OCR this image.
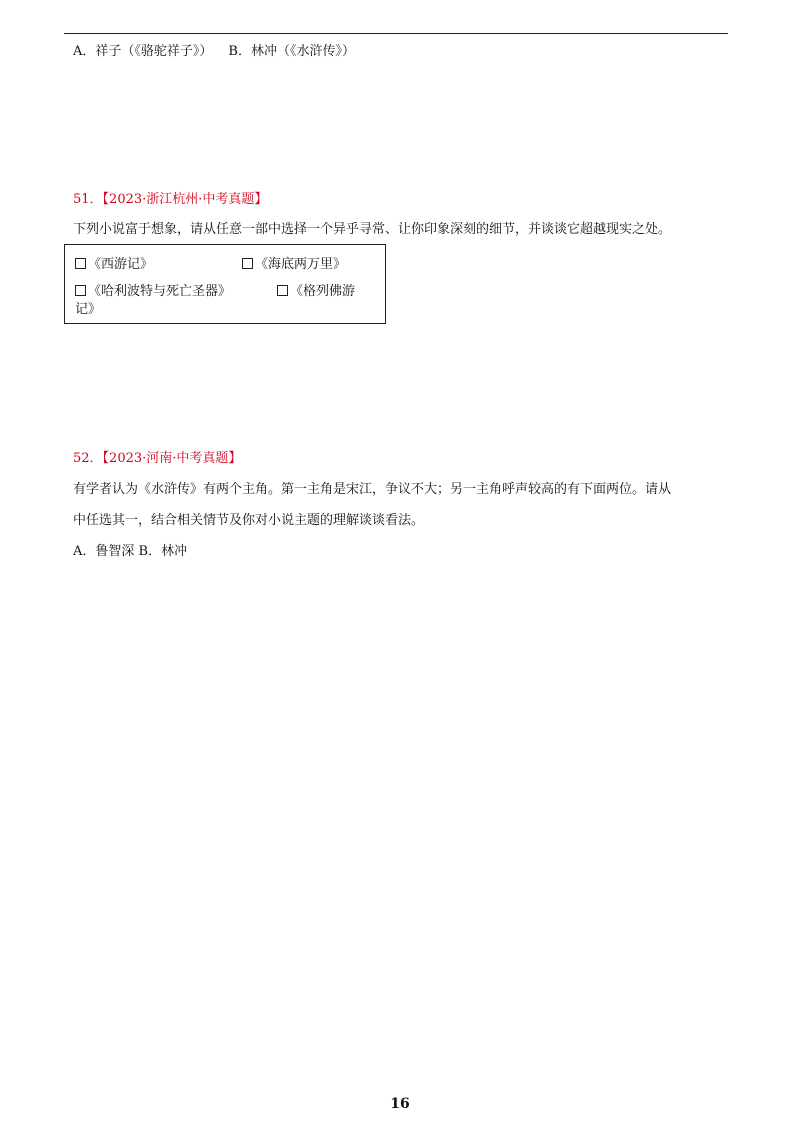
A．祥子（《骆驼祥子》） B．林冲（《水浒传》）
51．【2023·浙江杭州·中考真题】
下列小说富于想象，请从任意一部中选择一个异乎寻常、让你印象深刻的细节，并谈谈它超越现实之处。
《西游记》	《海底两万里》
《哈利波特与死亡圣器》	《格列佛游
记》
52．【2023·河南·中考真题】
有学者认为《水浒传》有两个主角。第一主角是宋江，争议不大；另一主角呼声较高的有下面两位。请从
中任选其一，结合相关情节及你对小说主题的理解谈谈看法。
A．鲁智深 B．林冲
16
